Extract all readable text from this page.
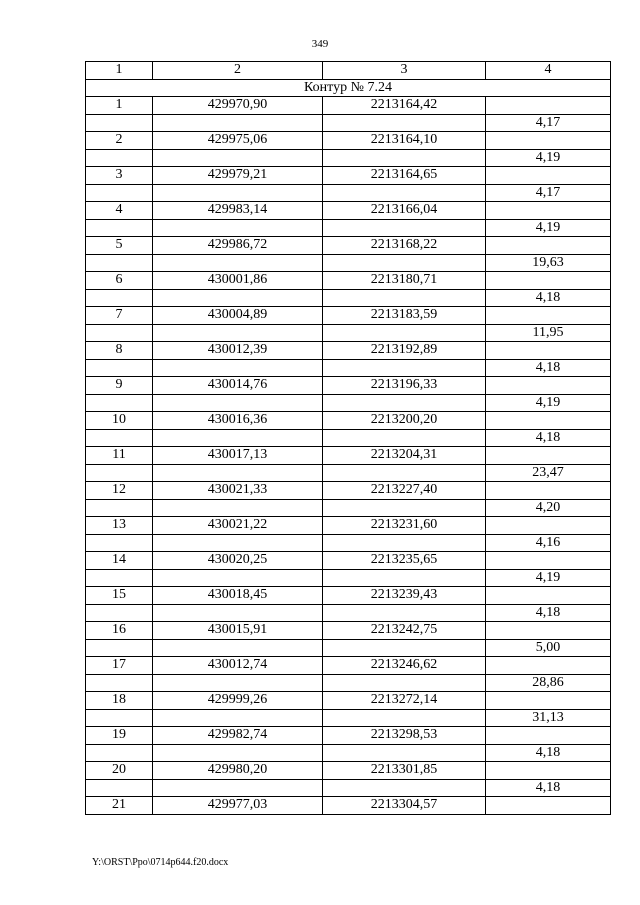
349
1	2	3	4
Контур № 7.24			
1	429970,90	2213164,42	
			4,17
2	429975,06	2213164,10	
			4,19
3	429979,21	2213164,65	
			4,17
4	429983,14	2213166,04	
			4,19
5	429986,72	2213168,22	
			19,63
6	430001,86	2213180,71	
			4,18
7	430004,89	2213183,59	
			11,95
8	430012,39	2213192,89	
			4,18
9	430014,76	2213196,33	
			4,19
10	430016,36	2213200,20	
			4,18
11	430017,13	2213204,31	
			23,47
12	430021,33	2213227,40	
			4,20
13	430021,22	2213231,60	
			4,16
14	430020,25	2213235,65	
			4,19
15	430018,45	2213239,43	
			4,18
16	430015,91	2213242,75	
			5,00
17	430012,74	2213246,62	
			28,86
18	429999,26	2213272,14	
			31,13
19	429982,74	2213298,53	
			4,18
20	429980,20	2213301,85	
			4,18
21	429977,03	2213304,57	
Y:\ORST\Ppo\0714p644.f20.docx
